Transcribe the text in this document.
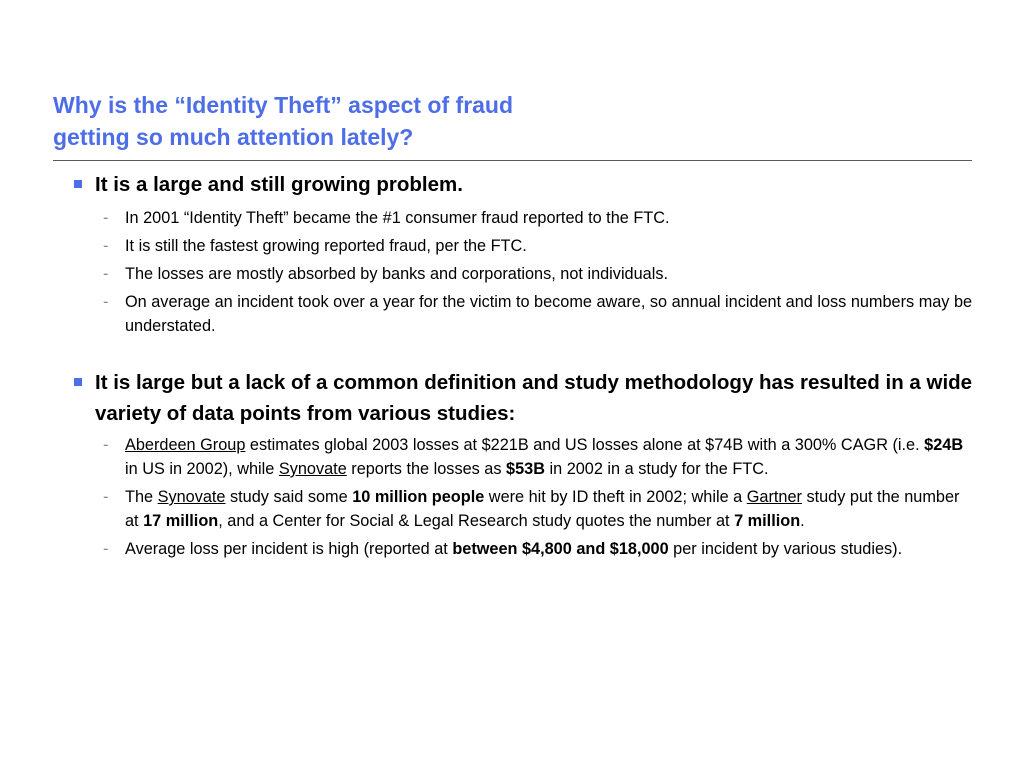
Why is the “Identity Theft” aspect of fraud
getting so much attention lately?
It is a large and still growing problem.
- In 2001 “Identity Theft” became the #1 consumer fraud reported to the FTC.
- It is still the fastest growing reported fraud, per the FTC.
- The losses are mostly absorbed by banks and corporations, not individuals.
- On average an incident took over a year for the victim to become aware, so annual incident and loss numbers may be understated.
It is large but a lack of a common definition and study methodology has resulted in a wide variety of data points from various studies:
- Aberdeen Group estimates global 2003 losses at $221B and US losses alone at $74B with a 300% CAGR (i.e. $24B in US in 2002), while Synovate reports the losses as $53B in 2002 in a study for the FTC.
- The Synovate study said some 10 million people were hit by ID theft in 2002; while a Gartner study put the number at 17 million, and a Center for Social & Legal Research study quotes the number at 7 million.
- Average loss per incident is high (reported at between $4,800 and $18,000 per incident by various studies).
